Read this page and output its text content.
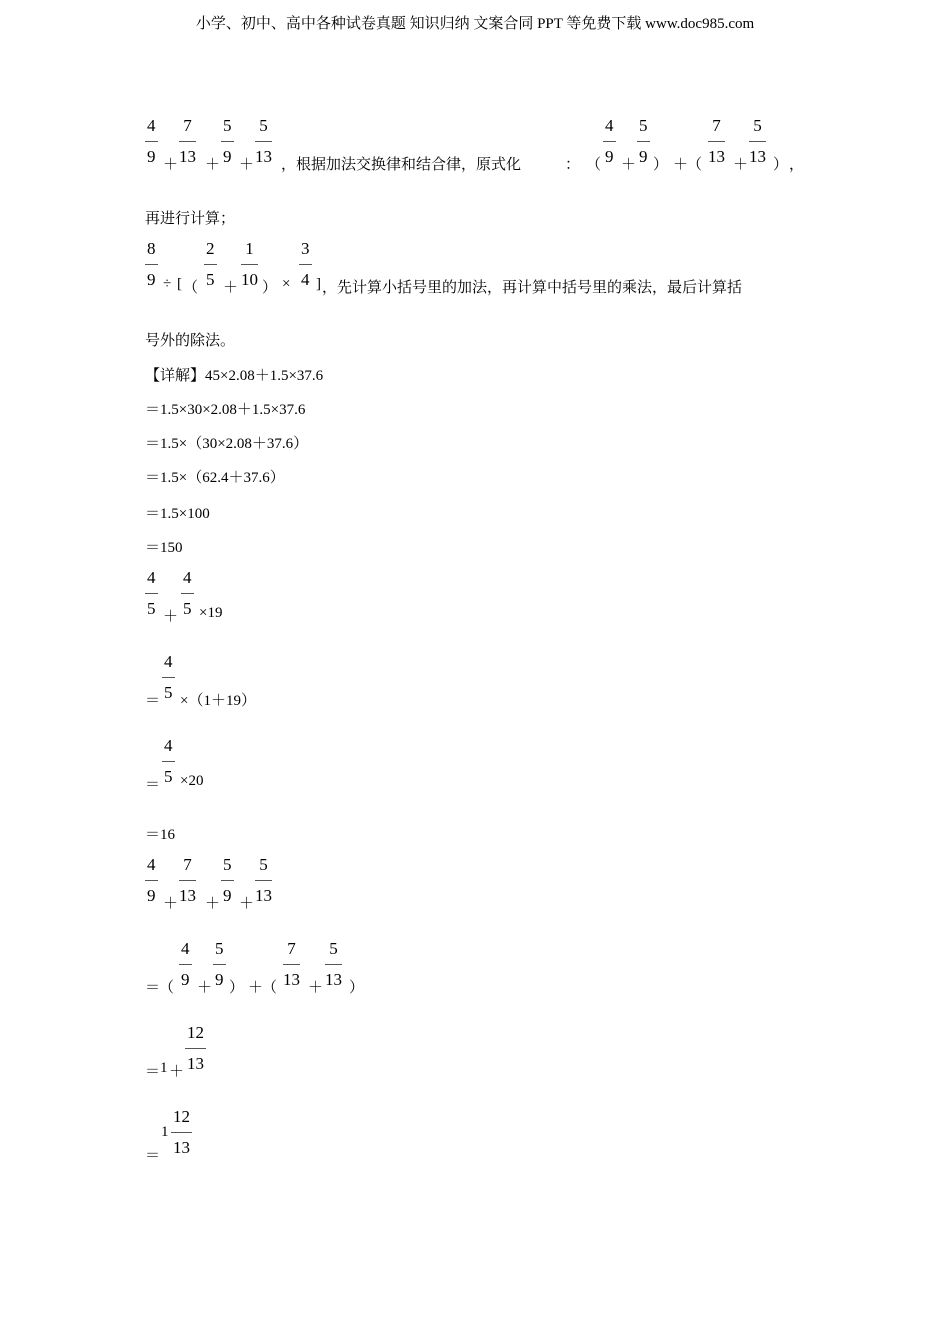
小学、初中、高中各种试卷真题 知识归纳 文案合同 PPT 等免费下载 www.doc985.com
$\frac{4}{9} + \frac{7}{13} + \frac{5}{9} + \frac{5}{13}$ ，根据加法交换律和结合律，原式化	： （ $\frac{4}{9} + \frac{5}{9}$ ） ＋
（ $\frac{7}{13} + \frac{5}{13}$ ） ，
再进行计算；
$\frac{8}{9}$ ÷ [ （ $\frac{2}{5} + \frac{1}{10}$ ） × $\frac{3}{4}$ ] ，先计算小括号里的加法，再计算中括号里的乘法，最后计算括
号外的除法。
【详解】45×2.08＋1.5×37.6
＝1.5×30×2.08＋1.5×37.6
＝1.5×（30×2.08＋37.6）
＝1.5×（62.4＋37.6）
＝1.5×100
＝150
$\frac{4}{5} + \frac{4}{5} \times 19$
＝ $\frac{4}{5} \times(1+19)$
＝ $\frac{4}{5} \times 20$
＝16
$\frac{4}{9} + \frac{7}{13} + \frac{5}{9} + \frac{5}{13}$
＝
（ $\frac{4}{9} + \frac{5}{9}$ ） ＋
（ $\frac{7}{13} + \frac{5}{13}$ ）
＝ $1 + \frac{12}{13}$
＝
$1 \frac{12}{13}$
